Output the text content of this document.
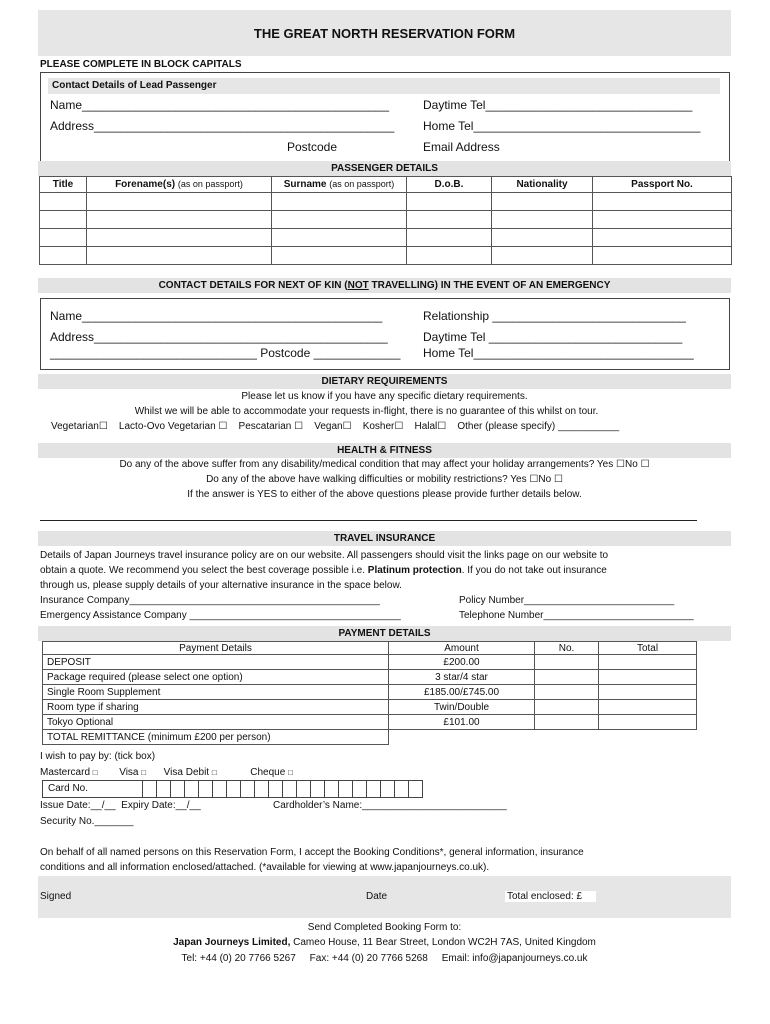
THE GREAT NORTH RESERVATION FORM
PLEASE COMPLETE IN BLOCK CAPITALS
Contact Details of Lead Passenger
Name______________________________________________	Daytime Tel_______________________________
Address_____________________________________________ Home Tel__________________________________
Postcode	Email Address
PASSENGER DETAILS
Title	Forename(s) (as on passport)	Surname (as on passport)	D.o.B.	Nationality	Passport No.

CONTACT DETAILS FOR NEXT OF KIN (NOT TRAVELLING) IN THE EVENT OF AN EMERGENCY
Name_____________________________________________	Relationship _____________________________
Address____________________________________________	Daytime Tel _____________________________
_______________________________ Postcode _____________ Home Tel_________________________________
DIETARY REQUIREMENTS
Please let us know if you have any specific dietary requirements.
Whilst we will be able to accommodate your requests in-flight, there is no guarantee of this whilst on tour.
Vegetarian☐ Lacto-Ovo Vegetarian ☐ Pescatarian ☐ Vegan☐ Kosher☐ Halal☐ Other (please specify) ___________
HEALTH & FITNESS
Do any of the above suffer from any disability/medical condition that may affect your holiday arrangements? Yes ☐No ☐
Do any of the above have walking difficulties or mobility restrictions? Yes ☐No ☐
If the answer is YES to either of the above questions please provide further details below.
TRAVEL INSURANCE
Details of Japan Journeys travel insurance policy are on our website. All passengers should visit the links page on our website to
obtain a quote. We recommend you select the best coverage possible i.e. Platinum protection. If you do not take out insurance
through us, please supply details of your alternative insurance in the space below.
Insurance Company_____________________________________________	Policy Number___________________________
Emergency Assistance Company ______________________________________	Telephone Number___________________________
PAYMENT DETAILS
Payment Details	Amount	No.	Total
DEPOSIT	£200.00		
Package required (please select one option)	3 star/4 star		
Single Room Supplement	£185.00/£745.00		
Room type if sharing	Twin/Double		
Tokyo Optional	£101.00		
TOTAL REMITTANCE (minimum £200 per person)			
I wish to pay by: (tick box)
Mastercard □ Visa □ Visa Debit □	Cheque □
Card No.
Issue Date:__/__  Expiry Date:__/__	Cardholder’s Name:__________________________
Security No._______
On behalf of all named persons on this Reservation Form, I accept the Booking Conditions*, general information, insurance
conditions and all information enclosed/attached. (*available for viewing at www.japanjourneys.co.uk).
Signed	Date	Total enclosed: £
Send Completed Booking Form to:
Japan Journeys Limited, Cameo House, 11 Bear Street, London WC2H 7AS, United Kingdom
Tel: +44 (0) 20 7766 5267     Fax: +44 (0) 20 7766 5268     Email: info@japanjourneys.co.uk
